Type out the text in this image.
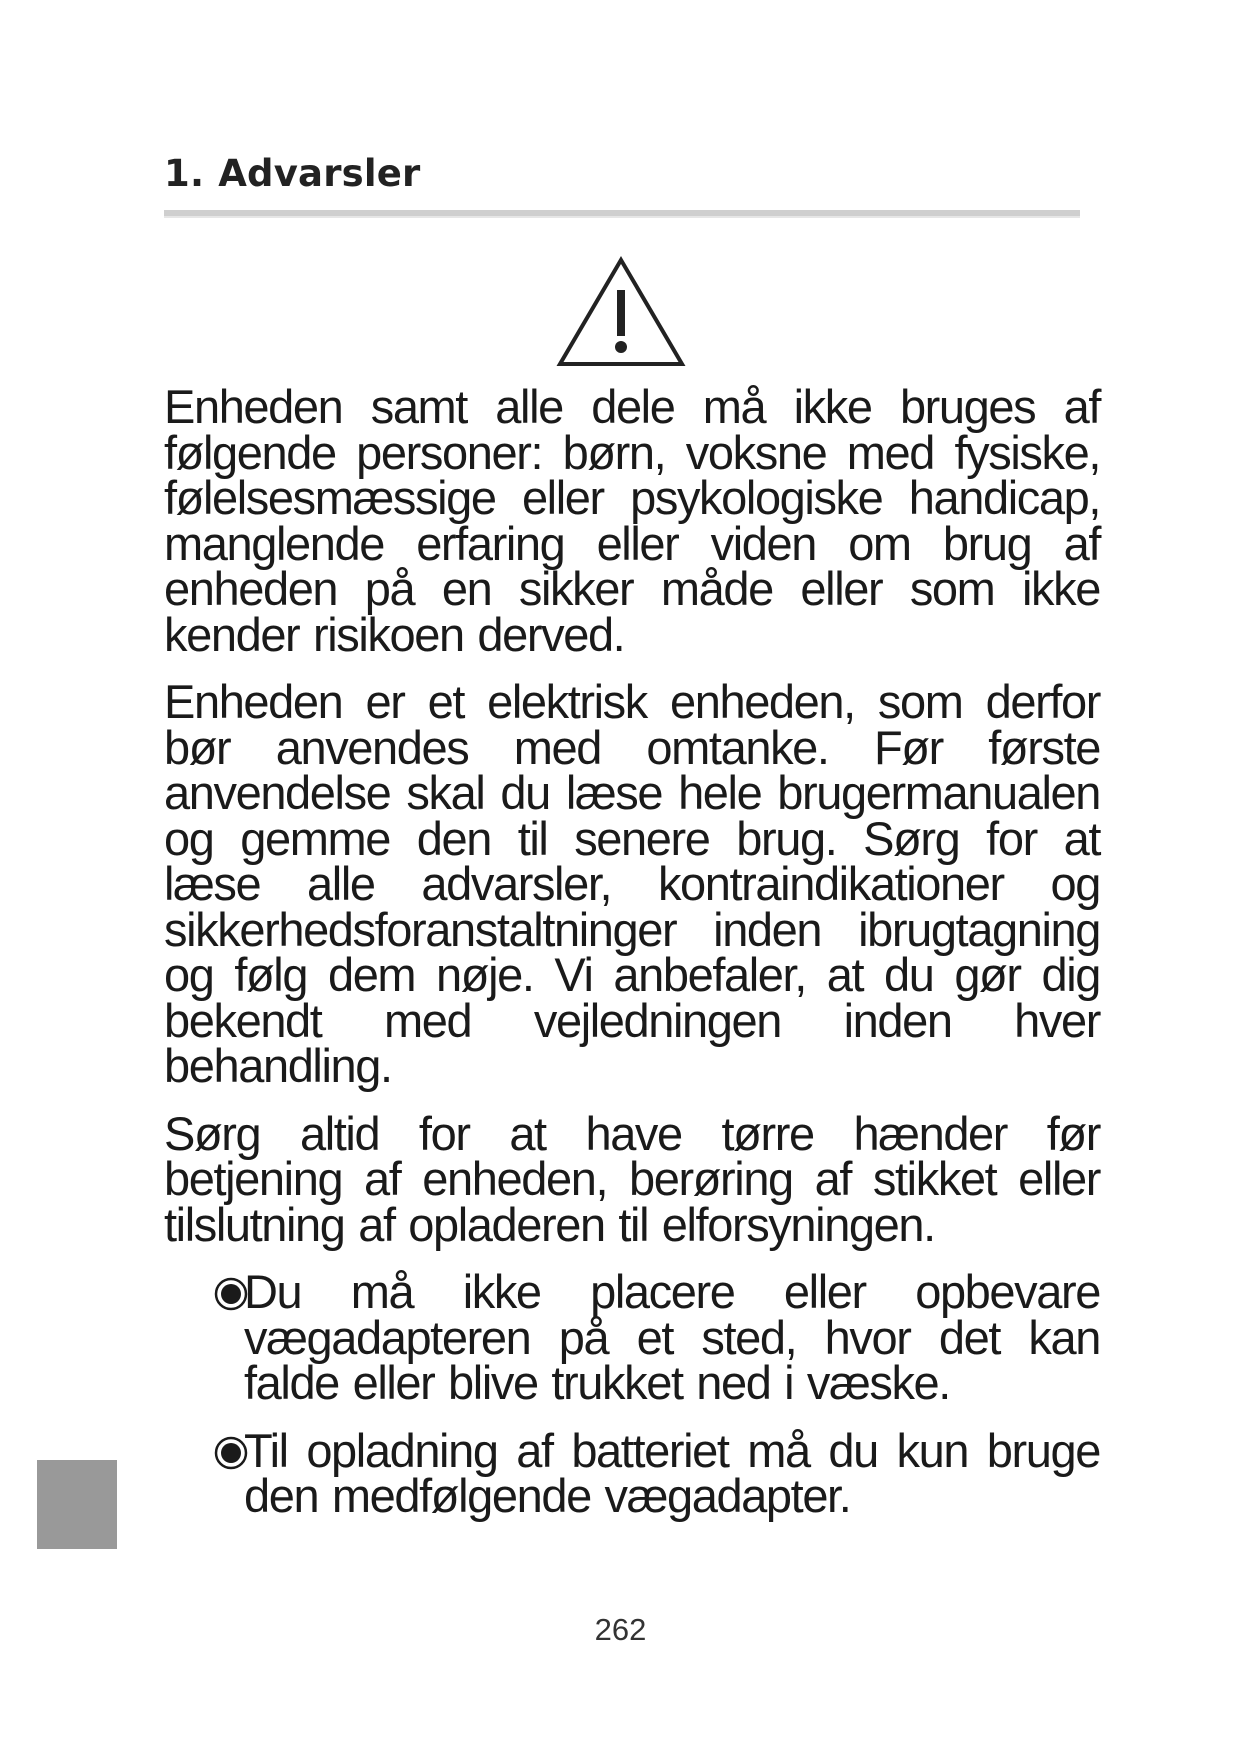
1. Advarsler

Enheden samt alle dele må ikke bruges af følgende personer: børn, voksne med fysiske, følelsesmæssige eller psykologiske handicap, manglende erfaring eller viden om brug af enheden på en sikker måde eller som ikke kender risikoen derved.

Enheden er et elektrisk enheden, som derfor bør anvendes med omtanke. Før første anvendelse skal du læse hele brugermanualen og gemme den til senere brug. Sørg for at læse alle advarsler, kontraindikationer og sikkerhedsforanstaltninger inden ibrugtagning og følg dem nøje. Vi anbefaler, at du gør dig bekendt med vejledningen inden hver behandling.

Sørg altid for at have tørre hænder før betjening af enheden, berøring af stikket eller tilslutning af opladeren til elforsyningen.

Du må ikke placere eller opbevare vægadapteren på et sted, hvor det kan falde eller blive trukket ned i væske.
Til opladning af batteriet må du kun bruge den medfølgende vægadapter.
262
